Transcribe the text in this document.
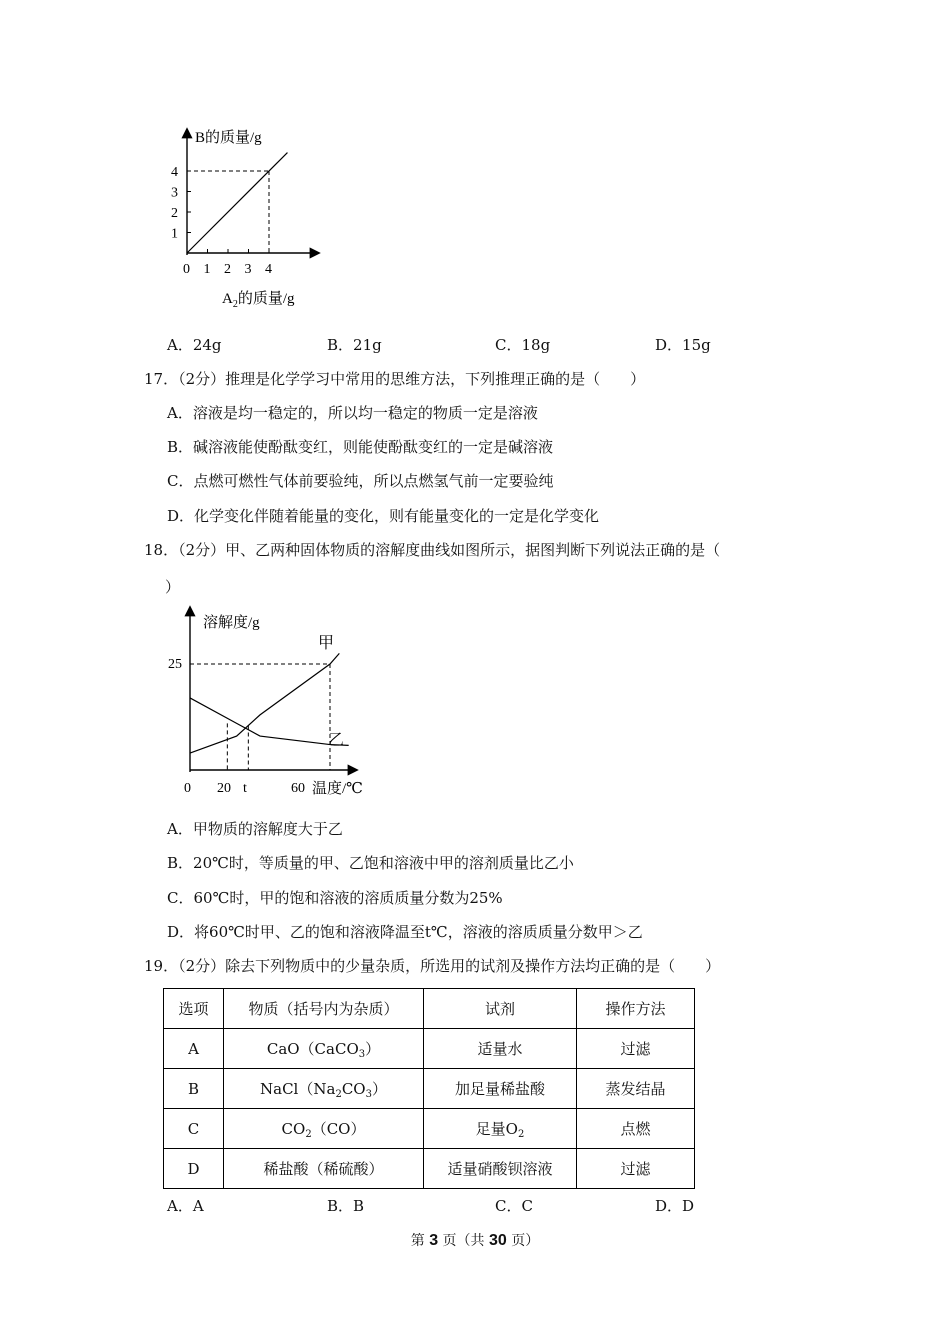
1
2
3
4
0 1 2 3 4
B的质量/g
$A_2$的质量/g
A．24g	B．21g	C．18g	D．15g
17．（2分）推理是化学学习中常用的思维方法，下列推理正确的是（　　）
A．溶液是均一稳定的，所以均一稳定的物质一定是溶液
B．碱溶液能使酚酞变红，则能使酚酞变红的一定是碱溶液
C．点燃可燃性气体前要验纯，所以点燃氢气前一定要验纯
D．化学变化伴随着能量的变化，则有能量变化的一定是化学变化
18．（2分）甲、乙两种固体物质的溶解度曲线如图所示，据图判断下列说法正确的是（
）
溶解度/g
25
0 20 t	60 温度/℃
甲
乙
A．甲物质的溶解度大于乙
B．20℃时，等质量的甲、乙饱和溶液中甲的溶剂质量比乙小
C．60℃时，甲的饱和溶液的溶质质量分数为25%
D．将60℃时甲、乙的饱和溶液降温至t℃，溶液的溶质质量分数甲＞乙
19．（2分）除去下列物质中的少量杂质，所选用的试剂及操作方法均正确的是（　　）
选项	物质（括号内为杂质）	试剂	操作方法
A	CaO（CaCO$_3$）	适量水	过滤
B	$NaCl(Na_2CO_3)$	加足量稀盐酸	蒸发结晶
C	$CO_2(CO)$	足量$O_2$	点燃
D	稀盐酸（稀硫酸）	适量硝酸钡溶液	过滤
A．A	B．B	C．C	D．D
第 3 页（共 30 页）
